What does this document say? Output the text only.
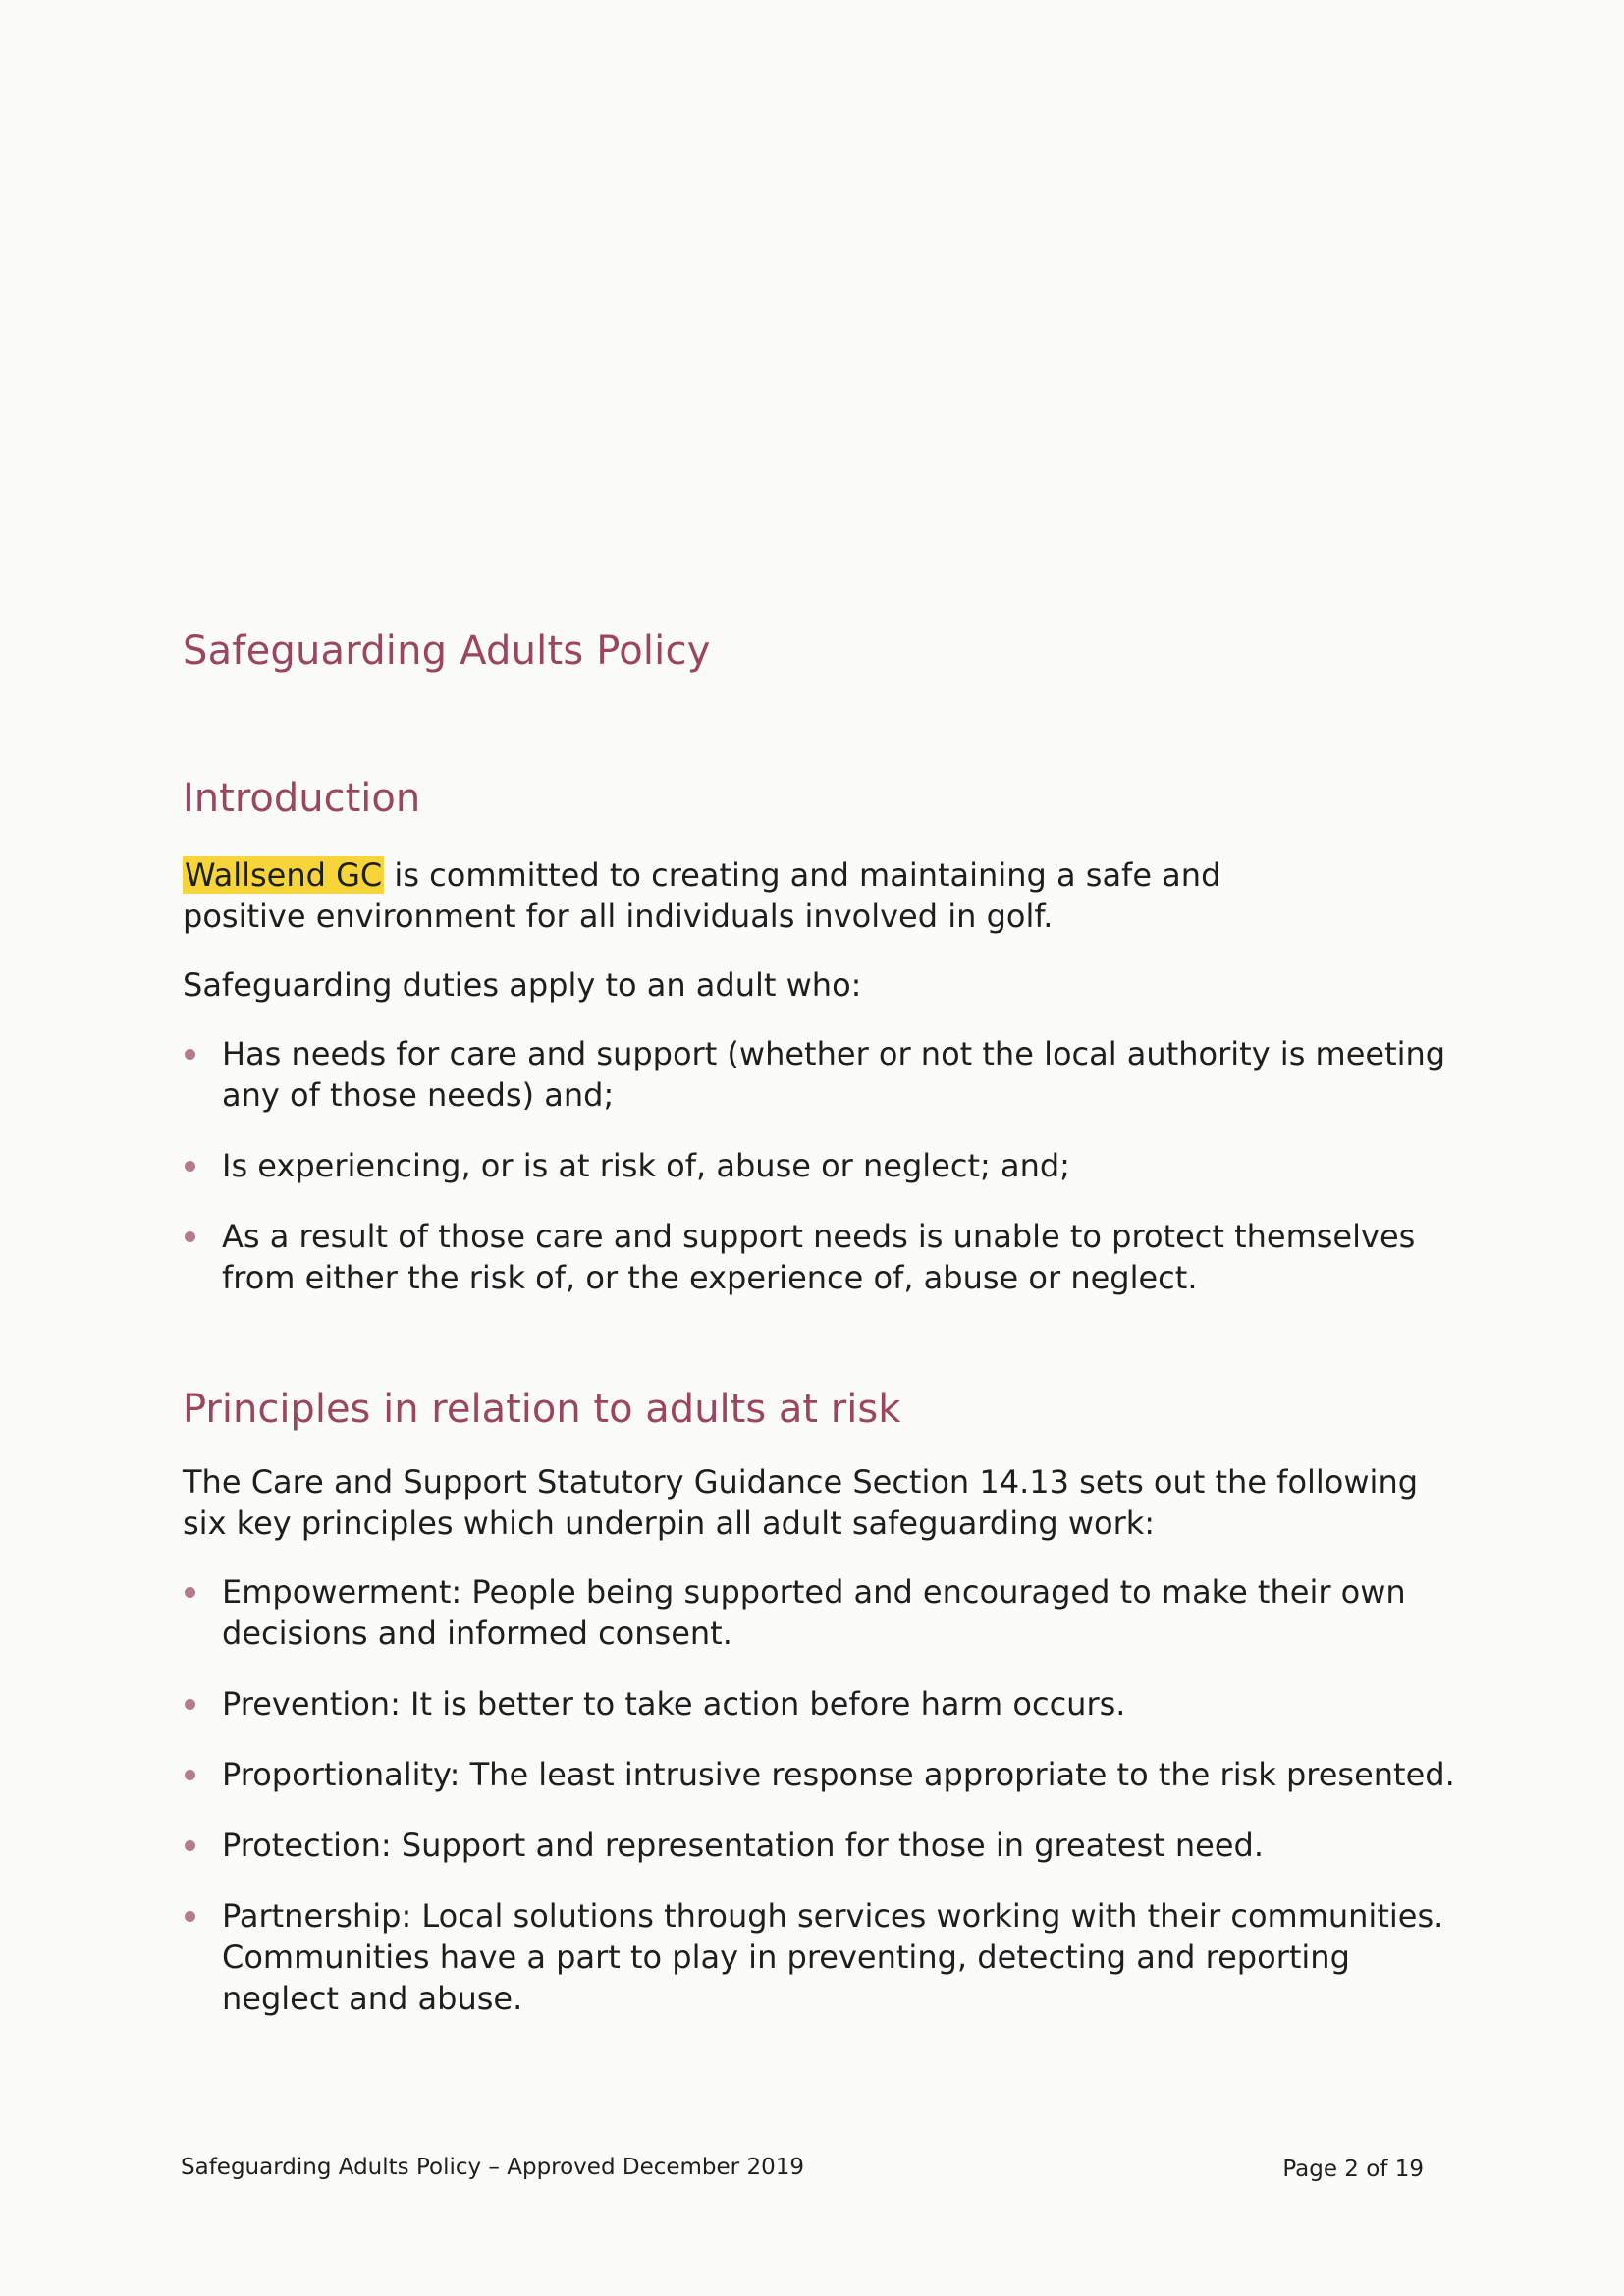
Safeguarding Adults Policy
Introduction

Wallsend GC is committed to creating and maintaining a safe and positive environment for all individuals involved in golf.

Safeguarding duties apply to an adult who:

Has needs for care and support (whether or not the local authority is meeting any of those needs) and;
Is experiencing, or is at risk of, abuse or neglect; and;
As a result of those care and support needs is unable to protect themselves from either the risk of, or the experience of, abuse or neglect.
Principles in relation to adults at risk

The Care and Support Statutory Guidance Section 14.13 sets out the following six key principles which underpin all adult safeguarding work:

Empowerment: People being supported and encouraged to make their own decisions and informed consent.
Prevention: It is better to take action before harm occurs.
Proportionality: The least intrusive response appropriate to the risk presented.
Protection: Support and representation for those in greatest need.
Partnership: Local solutions through services working with their communities. Communities have a part to play in preventing, detecting and reporting neglect and abuse.
Safeguarding Adults Policy – Approved December 2019	Page 2 of 19
